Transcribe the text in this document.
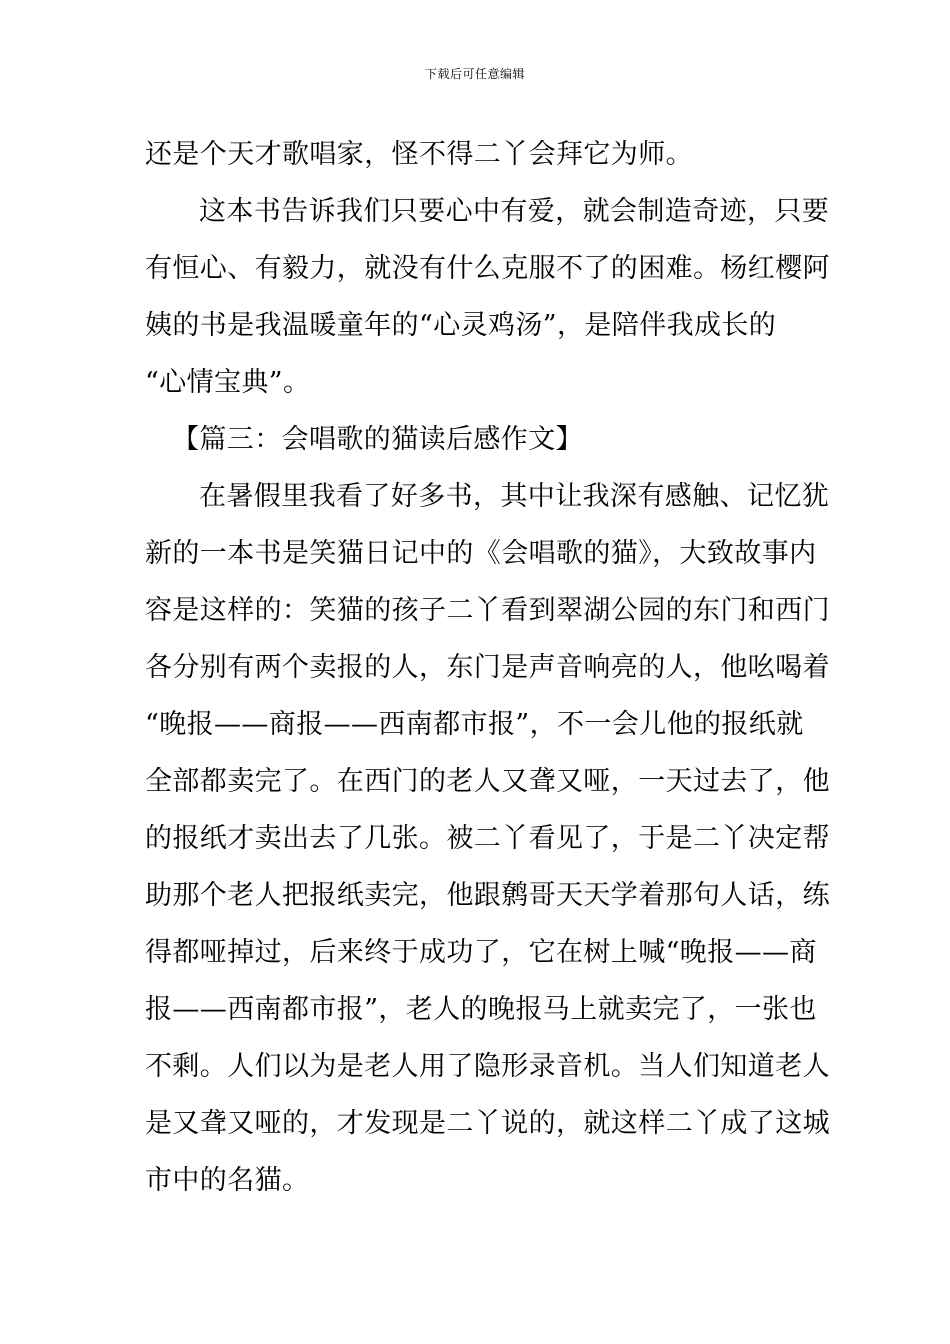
下载后可任意编辑
还是个天才歌唱家，怪不得二丫会拜它为师。
这本书告诉我们只要心中有爱，就会制造奇迹，只要
有恒心、有毅力，就没有什么克服不了的困难。杨红樱阿
姨的书是我温暖童年的“心灵鸡汤”，是陪伴我成长的
“心情宝典”。
【篇三：会唱歌的猫读后感作文】
在暑假里我看了好多书，其中让我深有感触、记忆犹
新的一本书是笑猫日记中的《会唱歌的猫》，大致故事内
容是这样的：笑猫的孩子二丫看到翠湖公园的东门和西门
各分别有两个卖报的人，东门是声音响亮的人，他吆喝着
“晚报——商报——西南都市报”，不一会儿他的报纸就
全部都卖完了。在西门的老人又聋又哑，一天过去了，他
的报纸才卖出去了几张。被二丫看见了，于是二丫决定帮
助那个老人把报纸卖完，他跟鹩哥天天学着那句人话，练
得都哑掉过，后来终于成功了，它在树上喊“晚报——商
报——西南都市报”，老人的晚报马上就卖完了，一张也
不剩。人们以为是老人用了隐形录音机。当人们知道老人
是又聋又哑的，才发现是二丫说的，就这样二丫成了这城
市中的名猫。
